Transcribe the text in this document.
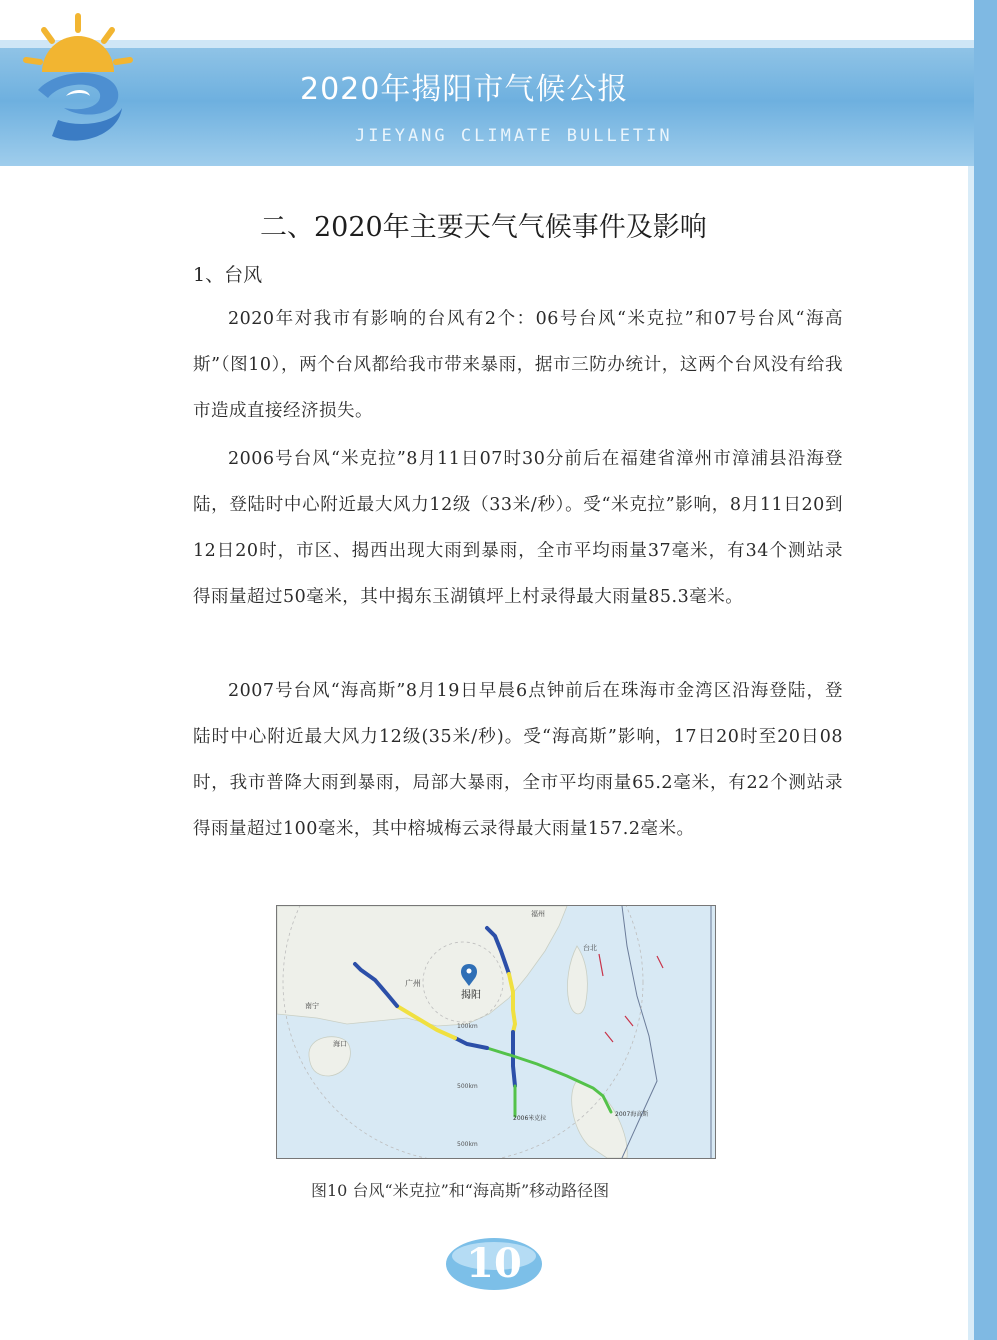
2020年揭阳市气候公报
JIEYANG CLIMATE BULLETIN
二、2020年主要天气气候事件及影响
1、台风
2020年对我市有影响的台风有2个：06号台风“米克拉”和07号台风“海高斯”（图10），两个台风都给我市带来暴雨，据市三防办统计，这两个台风没有给我市造成直接经济损失。
2006号台风“米克拉”8月11日07时30分前后在福建省漳州市漳浦县沿海登陆，登陆时中心附近最大风力12级（33米/秒）。受“米克拉”影响，8月11日20到12日20时，市区、揭西出现大雨到暴雨，全市平均雨量37毫米，有34个测站录得雨量超过50毫米，其中揭东玉湖镇坪上村录得最大雨量85.3毫米。
2007号台风“海高斯”8月19日早晨6点钟前后在珠海市金湾区沿海登陆，登陆时中心附近最大风力12级(35米/秒)。受“海高斯”影响，17日20时至20日08时，我市普降大雨到暴雨，局部大暴雨，全市平均雨量65.2毫米，有22个测站录得雨量超过100毫米，其中榕城梅云录得最大雨量157.2毫米。
揭阳
广州
南宁
海口
福州
台北
100km
500km
500km
2006米克拉
2007海高斯
图10 台风“米克拉”和“海高斯”移动路径图
10
